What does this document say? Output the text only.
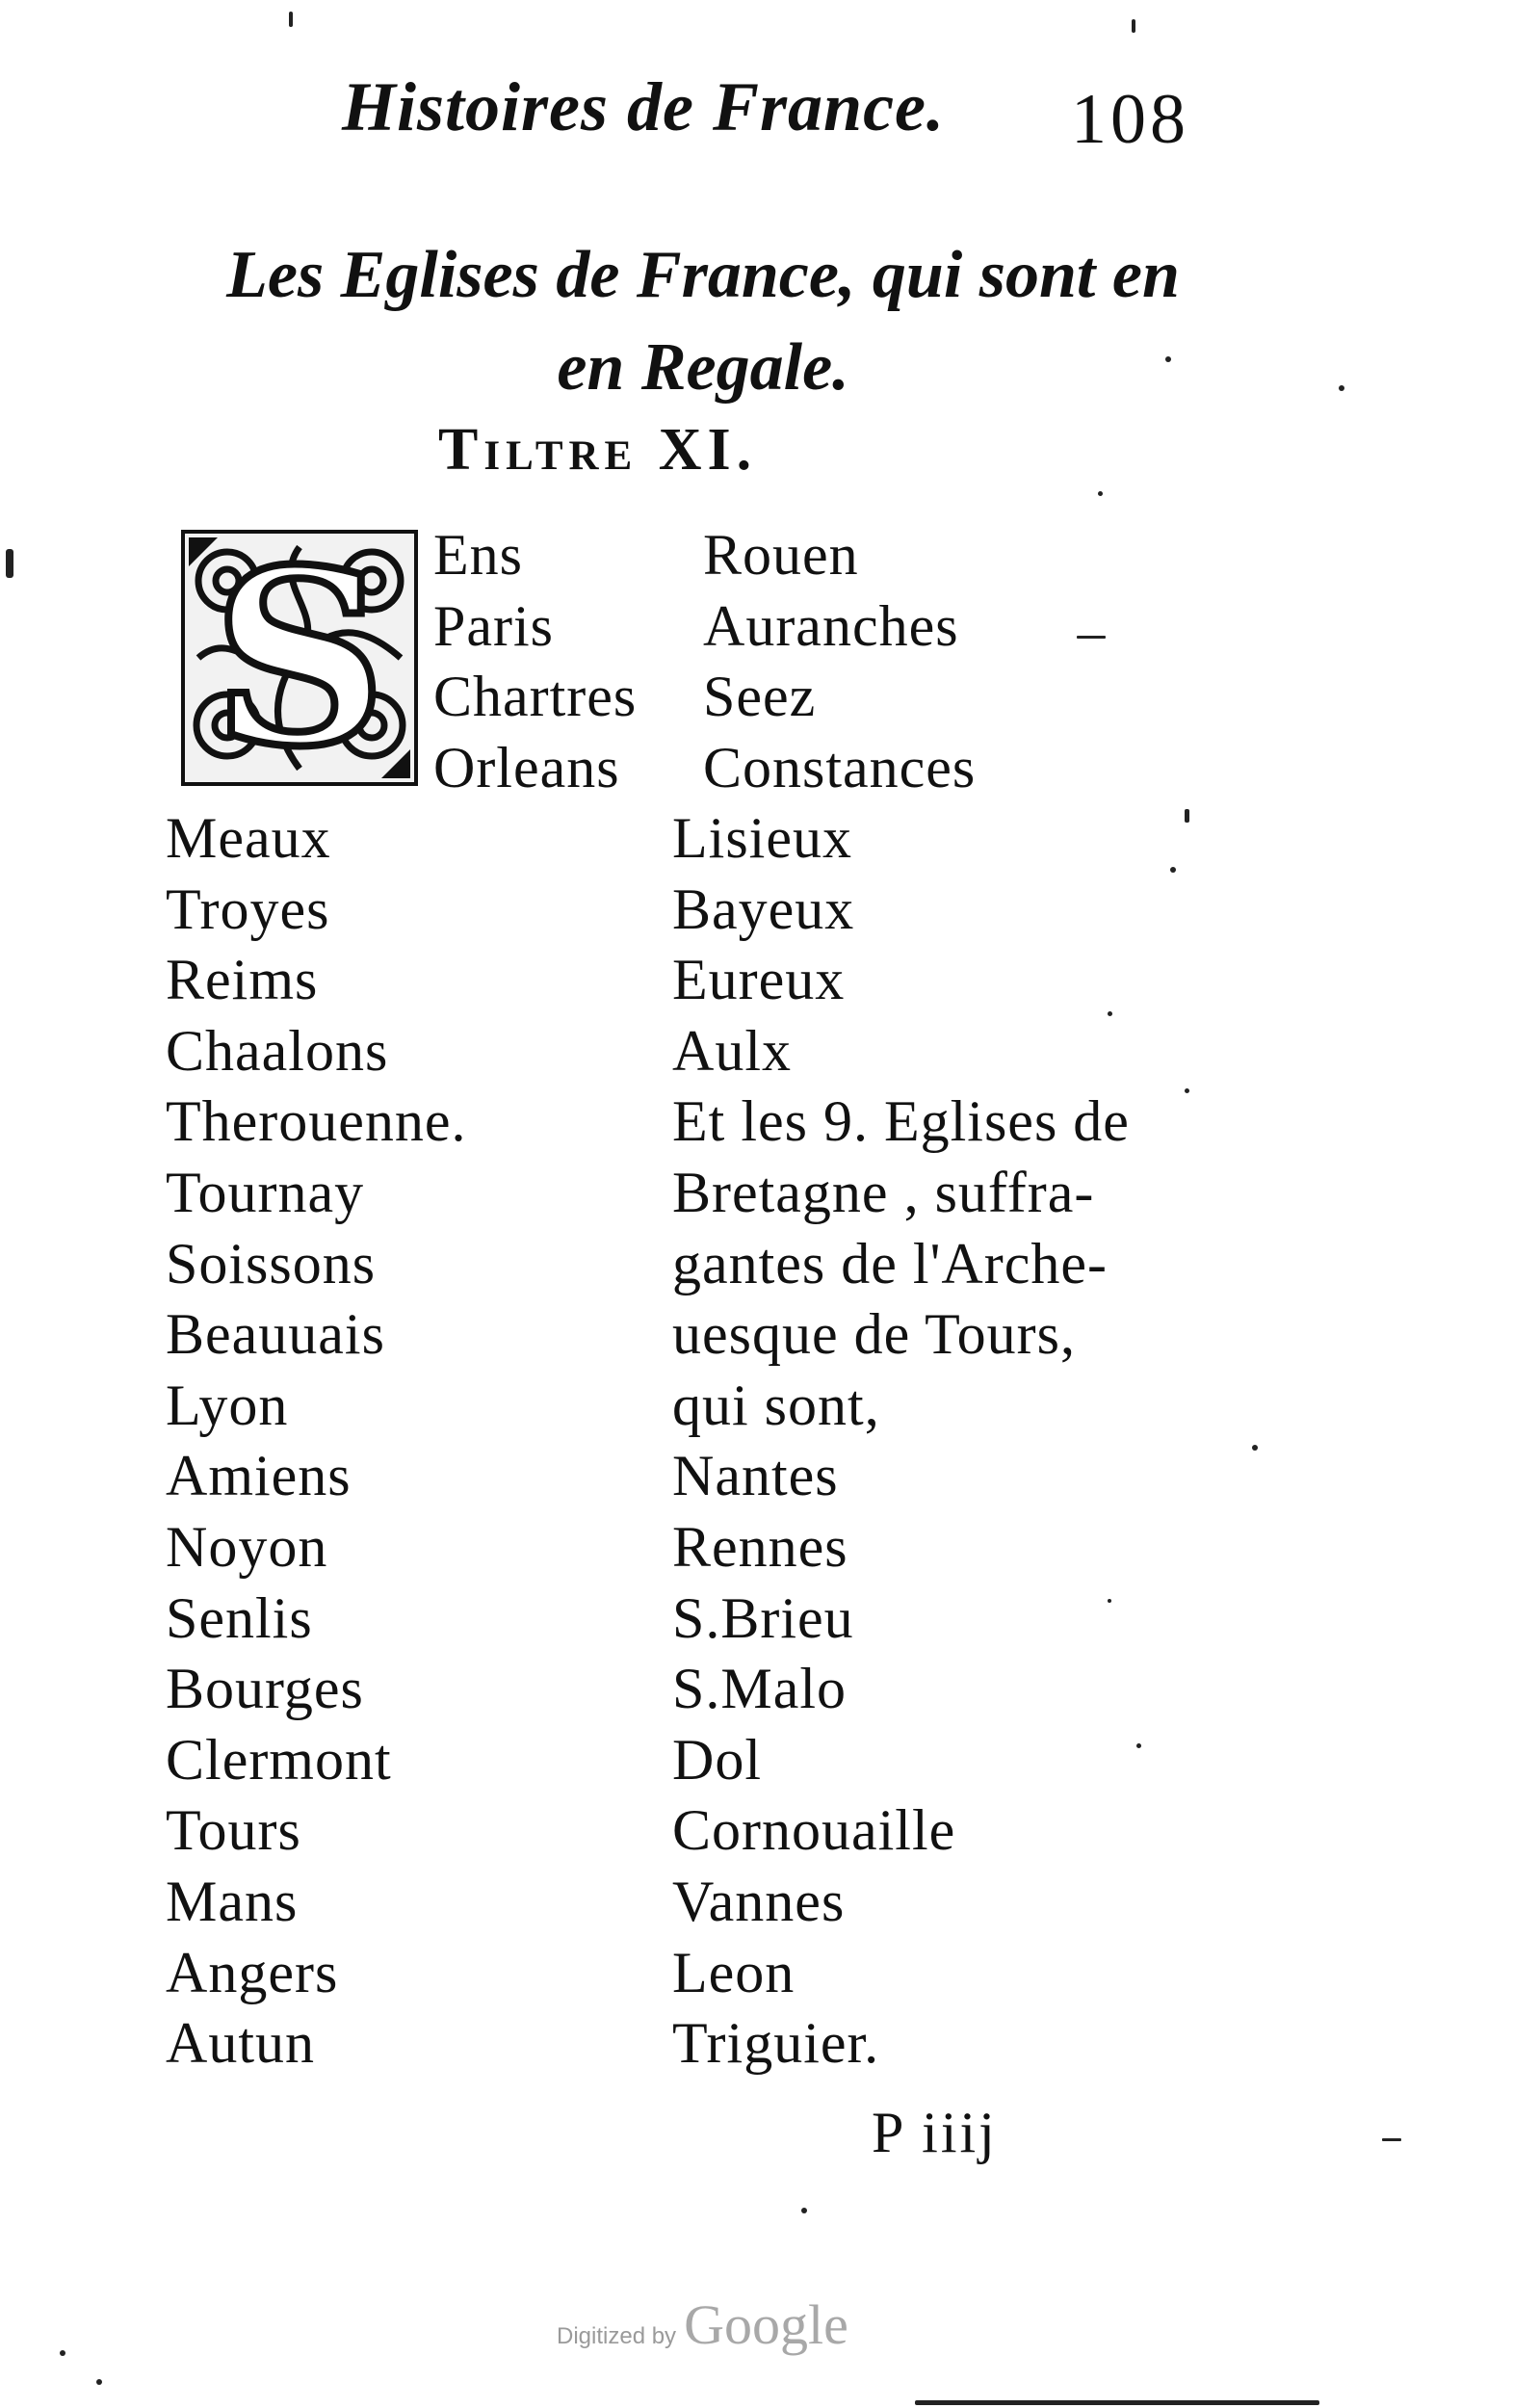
Histoires de France. 108
Les Eglises de France, qui sont en
en Regale.
Tiltre XI.
S Ens
Paris
Chartres
Orleans
Rouen
Auranches
Seez
Constances
Meaux
Troyes
Reims
Chaalons
Therouenne.
Tournay
Soissons
Beauuais
Lyon
Amiens
Noyon
Senlis
Bourges
Clermont
Tours
Mans
Angers
Autun
Lisieux
Bayeux
Eureux
Aulx
Et les 9. Eglises de
Bretagne , suffra-
gantes de l'Arche-
uesque de Tours,
qui sont,
Nantes
Rennes
S.Brieu
S.Malo
Dol
Cornouaille
Vannes
Leon
Triguier.
P iiij
Digitized by Google
